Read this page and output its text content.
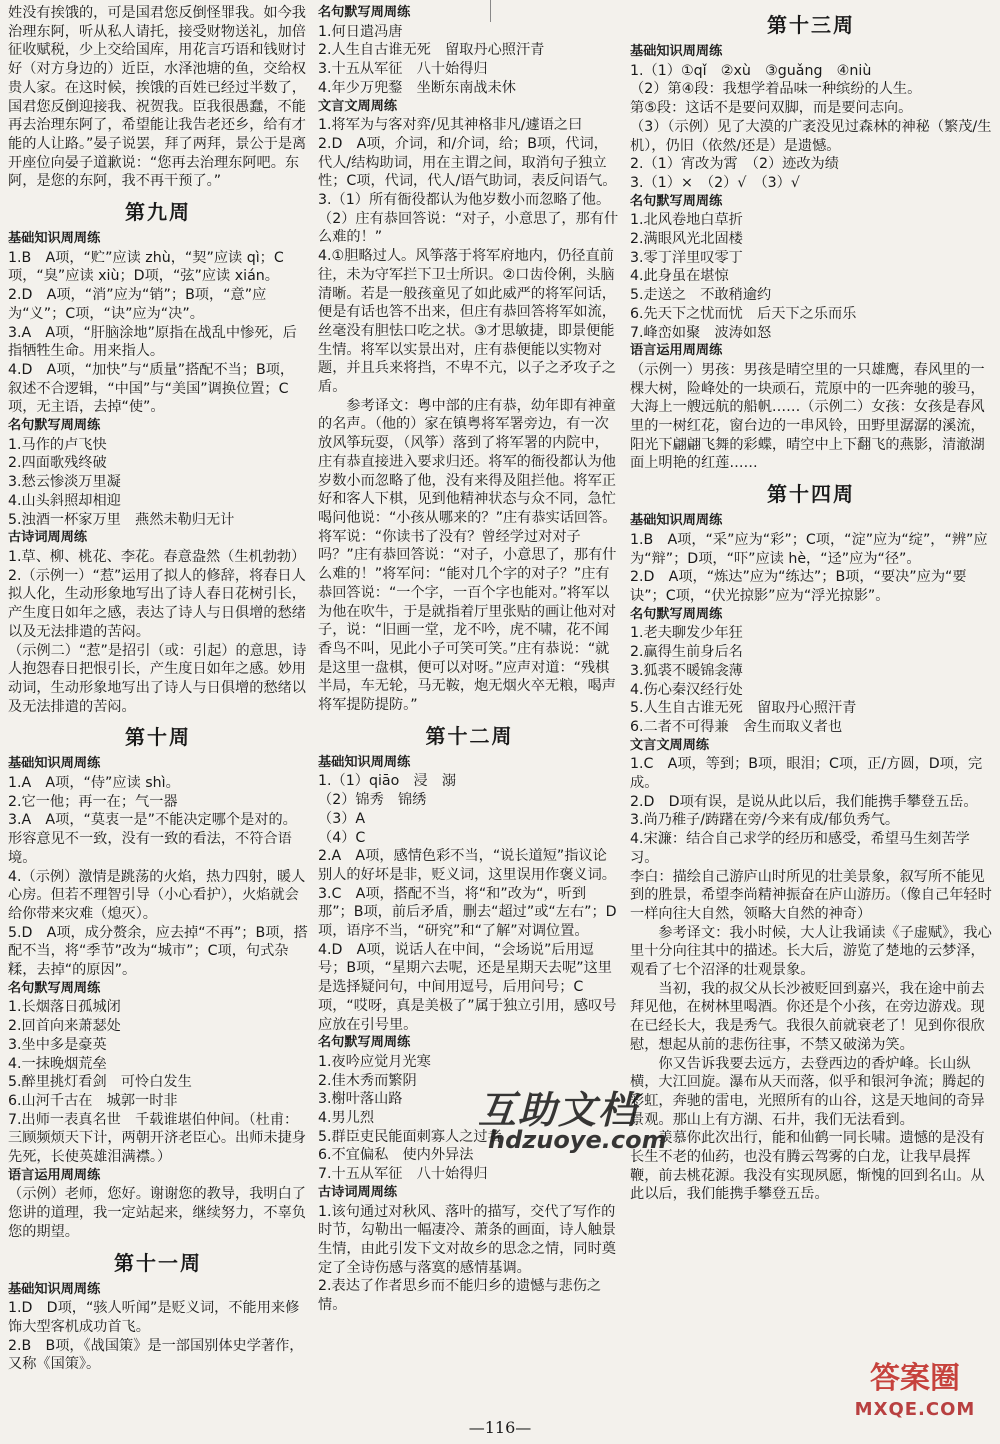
姓没有挨饿的，可是国君您反倒怪罪我。如今我治理东阿，听从私人请托，接受财物送礼，加倍征收赋税，少上交给国库，用花言巧语和钱财讨好（对方身边的）近臣，水泽池塘的鱼，交给权贵人家。在这时候，挨饿的百姓已经过半数了，国君您反倒迎接我、祝贺我。臣我很愚蠢，不能再去治理东阿了，希望能让我告老还乡，给有才能的人让路。”晏子说罢，拜了两拜，景公于是离开座位向晏子道歉说：“您再去治理东阿吧。东阿，是您的东阿，我不再干预了。”
第九周
基础知识周周练
1.B　A项，“贮”应读 zhù，“契”应读 qì；C项，“臭”应读 xiù；D项，“弦”应读 xián。
2.D　A项，“消”应为“销”；B项，“意”应为“义”；C项，“诀”应为“决”。
3.A　A项，“肝脑涂地”原指在战乱中惨死，后指牺牲生命。用来指人。
4.D　A项，“加快”与“质量”搭配不当；B项，叙述不合逻辑，“中国”与“美国”调换位置；C项，无主语，去掉“使”。
名句默写周周练
1.马作的卢飞快
2.四面歌残终破
3.愁云惨淡万里凝
4.山头斜照却相迎
5.浊酒一杯家万里　燕然未勒归无计
古诗词周周练
1.草、柳、桃花、李花。春意盎然（生机勃勃）
2.（示例一）“惹”运用了拟人的修辞，将春日人拟人化，生动形象地写出了诗人春日花树引长，产生度日如年之感，表达了诗人与日俱增的愁绪以及无法排遣的苦闷。
（示例二）“惹”是招引（或：引起）的意思，诗人抱怨春日把恨引长，产生度日如年之感。妙用动词，生动形象地写出了诗人与日俱增的愁绪以及无法排遣的苦闷。
第十周
基础知识周周练
1.A　A项，“侍”应读 shì。
2.它一他；再一在；气一器
3.A　A项，“莫衷一是”不能决定哪个是对的。形容意见不一致，没有一致的看法，不符合语境。
4.（示例）激情是跳荡的火焰，热力四射，暖人心房。但若不理智引导（小心看护），火焰就会给你带来灾难（熄灭）。
5.D　A项，成分赘余，应去掉“不再”；B项，搭配不当，将“季节”改为“城市”；C项，句式杂糅，去掉“的原因”。
名句默写周周练
1.长烟落日孤城闭
2.回首向来萧瑟处
3.坐中多是豪英
4.一抹晚烟荒垒
5.醉里挑灯看剑　可怜白发生
6.山河千古在　城郭一时非
7.出师一表真名世　千载谁堪伯仲间。（杜甫：三顾频烦天下计，两朝开济老臣心。出师未捷身先死，长使英雄泪满襟。）
语言运用周周练
（示例）老师，您好。谢谢您的教导，我明白了您讲的道理，我一定站起来，继续努力，不辜负您的期望。
第十一周
基础知识周周练
1.D　D项，“骇人听闻”是贬义词，不能用来修饰大型客机成功首飞。
2.B　B项，《战国策》是一部国别体史学著作，又称《国策》。
名句默写周周练
1.何日遣冯唐
2.人生自古谁无死　留取丹心照汗青
3.十五从军征　八十始得归
4.年少万兜鍪　坐断东南战未休
文言文周周练
1.将军为与客对弈/见其神格非凡/遽语之曰
2.D　A项，介词，和/介词，给；B项，代词，代人/结构助词，用在主谓之间，取消句子独立性；C项，代词，代人/语气助词，表反问语气。
3.（1）所有衙役都认为他岁数小而忽略了他。
（2）庄有恭回答说：“对子，小意思了，那有什么难的！”
4.①胆略过人。风筝落于将军府地内，仍径直前往，未为守军拦下卫士所识。②口齿伶俐，头脑清晰。若是一般孩童见了如此威严的将军问话，便是有话也答不出来，但庄有恭回答将军如流，丝毫没有胆怯口吃之状。③才思敏捷，即景便能生情。将军以实景出对，庄有恭便能以实物对题，并且兵来将挡，不卑不亢，以子之矛攻子之盾。
参考译文：粤中部的庄有恭，幼年即有神童的名声。（他的）家在镇粤将军署旁边，有一次放风筝玩耍，（风筝）落到了将军署的内院中，庄有恭直接进入要求归还。将军的衙役都认为他岁数小而忽略了他，没有来得及阻拦他。将军正好和客人下棋，见到他精神状态与众不同，急忙喝问他说：“小孩从哪来的？”庄有恭实话回答。将军说：“你读书了没有？曾经学过对对子吗？”庄有恭回答说：“对子，小意思了，那有什么难的！”将军问：“能对几个字的对子？”庄有恭回答说：“一个字，一百个字也能对。”将军以为他在吹牛，于是就指着厅里张贴的画让他对对子，说：“旧画一堂，龙不吟，虎不啸，花不闻香鸟不叫，见此小子可笑可笑。”庄有恭说：“就是这里一盘棋，便可以对呀。”应声对道：“残棋半局，车无轮，马无鞍，炮无烟火卒无粮，喝声将军提防提防。”
第十二周
基础知识周周练
1.（1）qiāo　浸　溺
（2）锦秀　锦绣
（3）A
（4）C
2.A　A项，感情色彩不当，“说长道短”指议论别人的好坏是非，贬义词，这里误用作褒义词。
3.C　A项，搭配不当，将“和”改为“，听到那”；B项，前后矛盾，删去“超过”或“左右”；D项，语序不当，“研究”和“了解”对调位置。
4.D　A项，说话人在中间，“会场说”后用逗号；B项，“星期六去呢，还是星期天去呢”这里是选择疑问句，中间用逗号，后用问号；C项，“哎呀，真是美极了”属于独立引用，感叹号应放在引号里。
名句默写周周练
1.夜吟应觉月光寒
2.佳木秀而繁阴
3.榭叶落山路
4.男儿烈
5.群臣吏民能面刺寡人之过者
6.不宜偏私　使内外异法
7.十五从军征　八十始得归
古诗词周周练
1.该句通过对秋风、落叶的描写，交代了写作的时节，勾勒出一幅凄冷、萧条的画面，诗人触景生情，由此引发下文对故乡的思念之情，同时奠定了全诗伤感与落寞的感情基调。
2.表达了作者思乡而不能归乡的遗憾与悲伤之情。
第十三周
基础知识周周练
1.（1）①qǐ　②xù　③guǎng　④niù
（2）第④段：我想学着品味一种缤纷的人生。
第⑤段：这话不是要问双脚，而是要问志向。
（3）（示例）见了大漠的广袤没见过森林的神秘（繁茂/生机），仍旧（依然/还是）是遗憾。
2.（1）宵改为霄　（2）迹改为绩
3.（1）×　（2）√　（3）√
名句默写周周练
1.北风卷地白草折
2.满眼风光北固楼
3.零丁洋里叹零丁
4.此身虽在堪惊
5.走送之　不敢稍逾约
6.先天下之忧而忧　后天下之乐而乐
7.峰峦如聚　波涛如怒
语言运用周周练
（示例一）男孩：男孩是晴空里的一只雄鹰，春风里的一棵大树，险峰处的一块顽石，荒原中的一匹奔驰的骏马，大海上一艘远航的船帆……（示例二）女孩：女孩是春风里的一树红花，窗台边的一串风铃，田野里潺潺的溪流，阳光下翩翩飞舞的彩蝶，晴空中上下翻飞的燕影，清澈湖面上明艳的红莲……
第十四周
基础知识周周练
1.B　A项，“采”应为“彩”；C项，“淀”应为“绽”，“辨”应为“辩”；D项，“吓”应读 hè，“迳”应为“径”。
2.D　A项，“炼达”应为“练达”；B项，“要决”应为“要诀”；C项，“伏光掠影”应为“浮光掠影”。
名句默写周周练
1.老夫聊发少年狂
2.赢得生前身后名
3.狐裘不暖锦衾薄
4.伤心秦汉经行处
5.人生自古谁无死　留取丹心照汗青
6.二者不可得兼　舍生而取义者也
文言文周周练
1.C　A项，等到；B项，眼泪；C项，正/方圆，D项，完成。
2.D　D项有误，是说从此以后，我们能携手攀登五岳。
3.尚乃稚子/踌躇在旁/今来有成/郁负秀气。
4.宋濂：结合自己求学的经历和感受，希望马生刻苦学习。
李白：描绘自己游庐山时所见的壮美景象，叙写所不能见到的胜景，希望李尚精神振奋在庐山游历。（像自己年轻时一样向往大自然，领略大自然的神奇）
参考译文：我小时候，大人让我诵读《子虚赋》，我心里十分向往其中的描述。长大后，游览了楚地的云梦泽，观看了七个沼泽的壮观景象。
当初，我的叔父从长沙被贬回到嘉兴，我在途中前去拜见他，在树林里喝酒。你还是个小孩，在旁边游戏。现在已经长大，我是秀气。我很久前就衰老了！见到你很欣慰，想起从前的悲伤往事，不禁又破涕为笑。
你又告诉我要去远方，去登西边的香炉峰。长山纵横，大江回旋。瀑布从天而落，似乎和银河争流；腾起的彩虹，奔驰的雷电，光照所有的山谷，这是天地间的奇异景观。那山上有方湖、石井，我们无法看到。
羡慕你此次出行，能和仙鹤一同长啸。遗憾的是没有长生不老的仙药，也没有腾云驾雾的白龙，让我早晨挥鞭，前去桃花源。我没有实现夙愿，惭愧的回到名山。从此以后，我们能携手攀登五岳。
互助文档
hdzuoye.com
答案圈
MXQE.COM
—116—
